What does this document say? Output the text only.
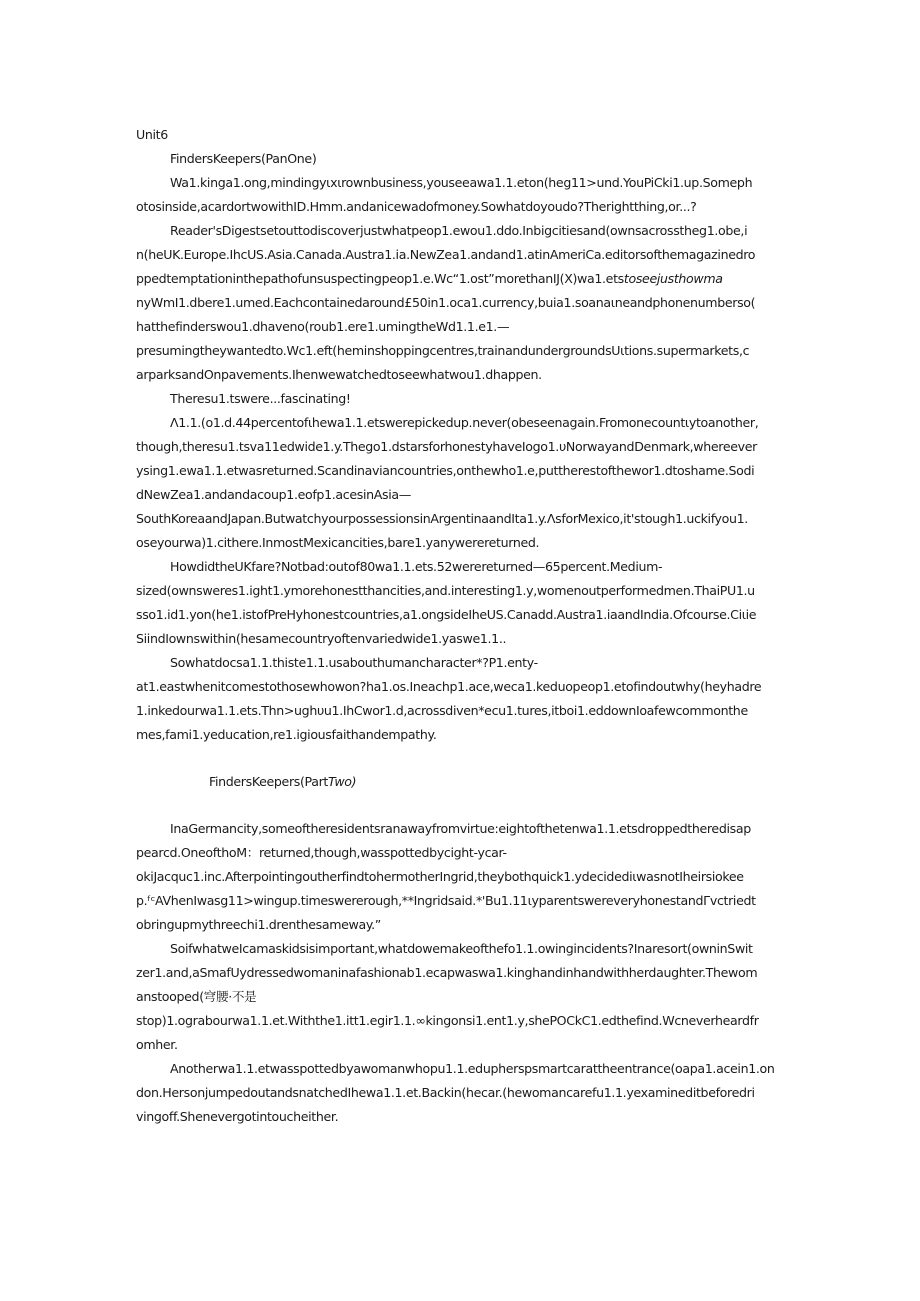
Unit6

FindersKeepers(PanOne)

Wa1.kinga1.ong,mindingyιxιrownbusiness,youseeawa1.1.eton(heg11>und.YouPiCki1.up.Someph

otosinside,acardortwowithID.Hmm.andanicewadofmoney.Sowhatdoyoudo?Therightthing,or...?

Reader'sDigestsetouttodiscoverjustwhatpeop1.ewou1.ddo.Inbigcitiesand(ownsacrossthеg1.obe,i

n(heUK.Europe.IhcUS.Asia.Canada.Austra1.ia.NewZea1.andand1.atinAmeriCa.editorsofthemagazinedro

ppedtemptationinthepathofunsuspectingpeop1.e.Wc“1.ost”morethanIJ(X)wa1.etstoseejusthowma

nyWmI1.dbere1.umed.Eachcontainedaround£50in1.oca1.currency,buia1.soanaιneandphonenumberso(

hatthefinderswou1.dhaveno(roub1.ere1.umingtheWd1.1.e1.—

presumingtheywantedto.Wc1.eft(heminshoppingcentres,trainandundergroundsUιtions.supermarkets,c

arparksandOnpavements.Ihenwewatchedtoseewhatwou1.dhappen.

Theresu1.tswere...fascinating!

Λ1.1.(o1.d.44percentofιhewa1.1.etswerepickedup.never(obeseenagain.Fromonecountιytoanother,

though,theresu1.tsva11edwide1.y.Thego1.dstarsforhonestyhaveIogo1.υNorwayandDenmark,whereever

ysing1.ewa1.1.etwasreturned.Scandinaviancountries,onthewho1.e,puttherestofthewor1.dtoshame.Sodi

dNewZea1.andandacoup1.eofp1.acesinAsia—

SouthKoreaandJapan.ButwatchyourpossessionsinArgentinaandIta1.y.ΛsforMexico,it'stough1.uckifyou1.

oseyourwa)1.cithere.InmostMexicancities,bare1.yanywerereturned.

HowdidtheUKfare?Notbad:outof80wa1.1.ets.52werereturned—65percent.Medium-

sized(ownsweres1.ight1.ymorehonestthancities,and.interesting1.y,womenoutperformedmen.ThaiPU1.u

sso1.id1.yon(he1.istofPreHyhonestcountries,a1.ongsideIheUS.Canadd.Austra1.iaandIndia.Ofcourse.Ciιie

SiindIownswithin(hesamecountryoftenvariedwide1.yaswe1.1..

Sowhatdocsa1.1.thiste1.1.usabouthumancharacter*?P1.enty-

at1.eastwhenitcomestothosewhowon?ha1.os.Ineachp1.ace,weca1.keduopeop1.etofindoutwhy(heyhadre

1.inkedourwa1.1.ets.Thn>ughυu1.IhCwor1.d,acrossdiven*ecu1.tures,itboi1.eddownIoafewcommonthe

mes,fami1.yeducation,re1.igiousfaithandempathy.

FindersKeepers(PartTwo)

InaGermancity,someoftheresidentsranawayfromvirtue:eightofthetenwa1.1.etsdroppedtheredisap

pearcd.OneofthoM：returned,though,wasspottedbycight-ycar-

okiJacquc1.inc.AfterpointingoutherfindtohermotherIngrid,theybothquick1.ydecidediιwasnotIheirsiokee

p.ᶠᶜAVhenIwasg11>wingup.timeswererough,**Ingridsaid.*'Bu1.11ιyparentswereveryhonestandΓvctriedt

obringupmythreechi1.drenthesameway.”

SoifwhatweIcamaskidsisimportant,whatdowemakeofthefo1.1.owingincidents?Inaresort(owninSwit

zer1.and,aSmafUydressedwomaninafashionab1.ecapwaswa1.kinghandinhandwithherdaughter.Thewom

anstooped(穹腰·不是

stop)1.ograbourwa1.1.et.Withthe1.itt1.egir1.1.∞kingonsi1.ent1.y,shePOCkC1.edthefind.Wcneverheardfr

omher.

Anotherwa1.1.etwasspottedbyawomanwhopu1.1.edupherspsmartcarattheentrance(oapa1.acein1.on

don.HersonjumpedoutandsnatchedIhewa1.1.et.Backin(hecar.(hewomancarefu1.1.yexamineditbeforedri

vingoff.Shenevergotintoucheither.
